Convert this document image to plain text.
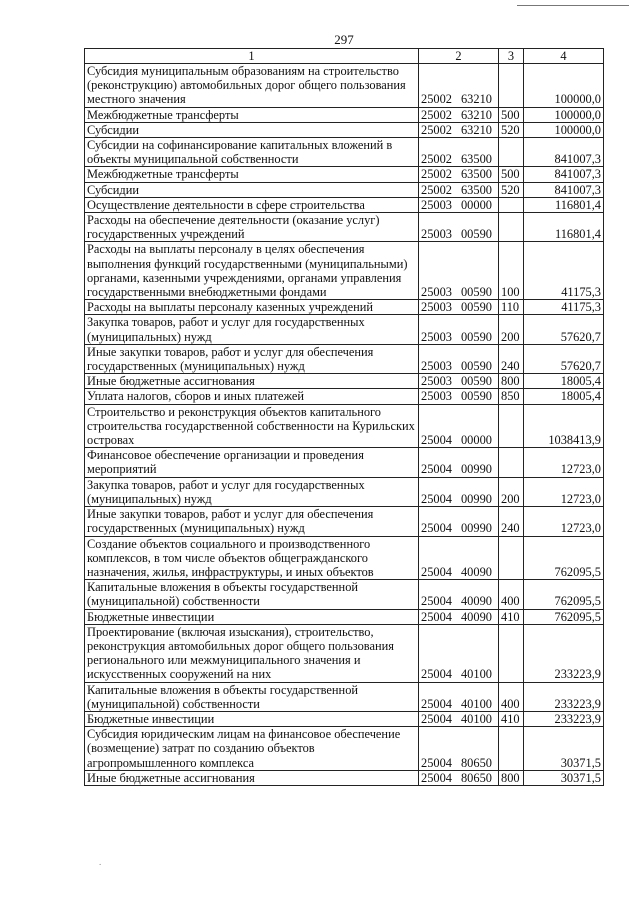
297
1	2	3	4
Субсидия муниципальным образованиям на строительство (реконструкцию) автомобильных дорог общего пользования местного значения	25002 63210		100000,0
Межбюджетные трансферты	25002 63210	500	100000,0
Субсидии	25002 63210	520	100000,0
Субсидии на софинансирование капитальных вложений в объекты муниципальной собственности	25002 63500		841007,3
Межбюджетные трансферты	25002 63500	500	841007,3
Субсидии	25002 63500	520	841007,3
Осуществление деятельности в сфере строительства	25003 00000		116801,4
Расходы на обеспечение деятельности (оказание услуг) государственных учреждений	25003 00590		116801,4
Расходы на выплаты персоналу в целях обеспечения выполнения функций государственными (муниципальными) органами, казенными учреждениями, органами управления государственными внебюджетными фондами	25003 00590	100	41175,3
Расходы на выплаты персоналу казенных учреждений	25003 00590	110	41175,3
Закупка товаров, работ и услуг для государственных (муниципальных) нужд	25003 00590	200	57620,7
Иные закупки товаров, работ и услуг для обеспечения государственных (муниципальных) нужд	25003 00590	240	57620,7
Иные бюджетные ассигнования	25003 00590	800	18005,4
Уплата налогов, сборов и иных платежей	25003 00590	850	18005,4
Строительство и реконструкция объектов капитального строительства государственной собственности на Курильских островах	25004 00000		1038413,9
Финансовое обеспечение организации и проведения мероприятий	25004 00990		12723,0
Закупка товаров, работ и услуг для государственных (муниципальных) нужд	25004 00990	200	12723,0
Иные закупки товаров, работ и услуг для обеспечения государственных (муниципальных) нужд	25004 00990	240	12723,0
Создание объектов социального и производственного комплексов, в том числе объектов общегражданского назначения, жилья, инфраструктуры, и иных объектов	25004 40090		762095,5
Капитальные вложения в объекты государственной (муниципальной) собственности	25004 40090	400	762095,5
Бюджетные инвестиции	25004 40090	410	762095,5
Проектирование (включая изыскания), строительство, реконструкция автомобильных дорог общего пользования регионального или межмуниципального значения и искусственных сооружений на них	25004 40100		233223,9
Капитальные вложения в объекты государственной (муниципальной) собственности	25004 40100	400	233223,9
Бюджетные инвестиции	25004 40100	410	233223,9
Субсидия юридическим лицам на финансовое обеспечение (возмещение) затрат по созданию объектов агропромышленного комплекса	25004 80650		30371,5
Иные бюджетные ассигнования	25004 80650	800	30371,5
.
